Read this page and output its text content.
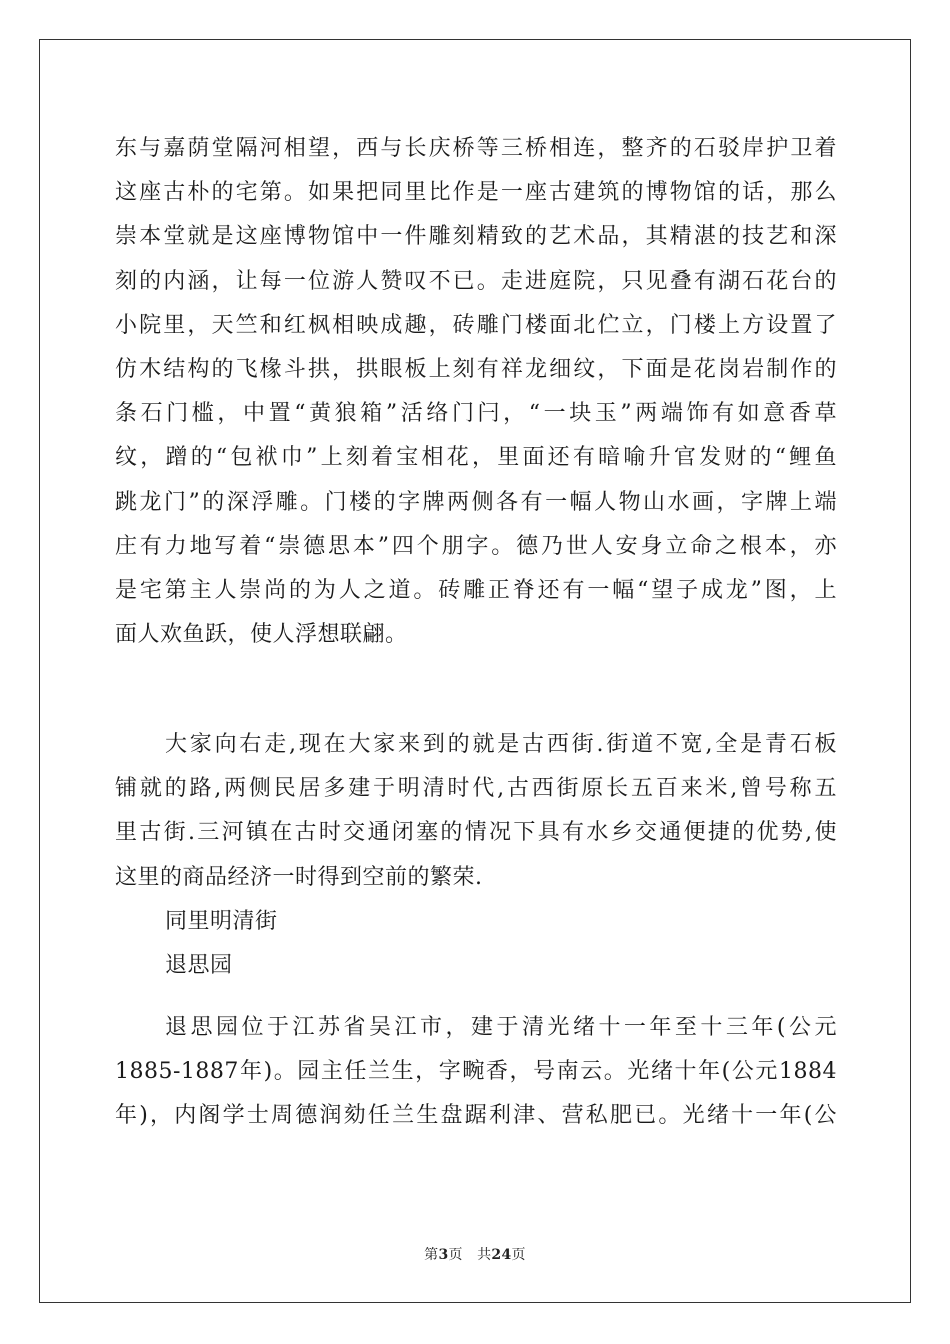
东与嘉荫堂隔河相望，西与长庆桥等三桥相连，整齐的石驳岸护卫着
这座古朴的宅第。如果把同里比作是一座古建筑的博物馆的话，那么
崇本堂就是这座博物馆中一件雕刻精致的艺术品，其精湛的技艺和深
刻的内涵，让每一位游人赞叹不已。走进庭院，只见叠有湖石花台的
小院里，天竺和红枫相映成趣，砖雕门楼面北伫立，门楼上方设置了
仿木结构的飞椽斗拱，拱眼板上刻有祥龙细纹，下面是花岗岩制作的
条石门槛，中置“黄狼箱”活络门闩，“一块玉”两端饰有如意香草
纹，蹭的“包袱巾”上刻着宝相花，里面还有暗喻升官发财的“鲤鱼
跳龙门”的深浮雕。门楼的字牌两侧各有一幅人物山水画，字牌上端
庄有力地写着“崇德思本”四个朋字。德乃世人安身立命之根本，亦
是宅第主人崇尚的为人之道。砖雕正脊还有一幅“望子成龙”图，上
面人欢鱼跃，使人浮想联翩。
大家向右走,现在大家来到的就是古西街.街道不宽,全是青石板
铺就的路,两侧民居多建于明清时代,古西街原长五百来米,曾号称五
里古街.三河镇在古时交通闭塞的情况下具有水乡交通便捷的优势,使
这里的商品经济一时得到空前的繁荣.
同里明清街
退思园
退思园位于江苏省吴江市，建于清光绪十一年至十三年(公元
1885-1887年)。园主任兰生，字畹香，号南云。光绪十年(公元1884
年)，内阁学士周德润劾任兰生盘踞利津、营私肥已。光绪十一年(公
第3页　共24页
